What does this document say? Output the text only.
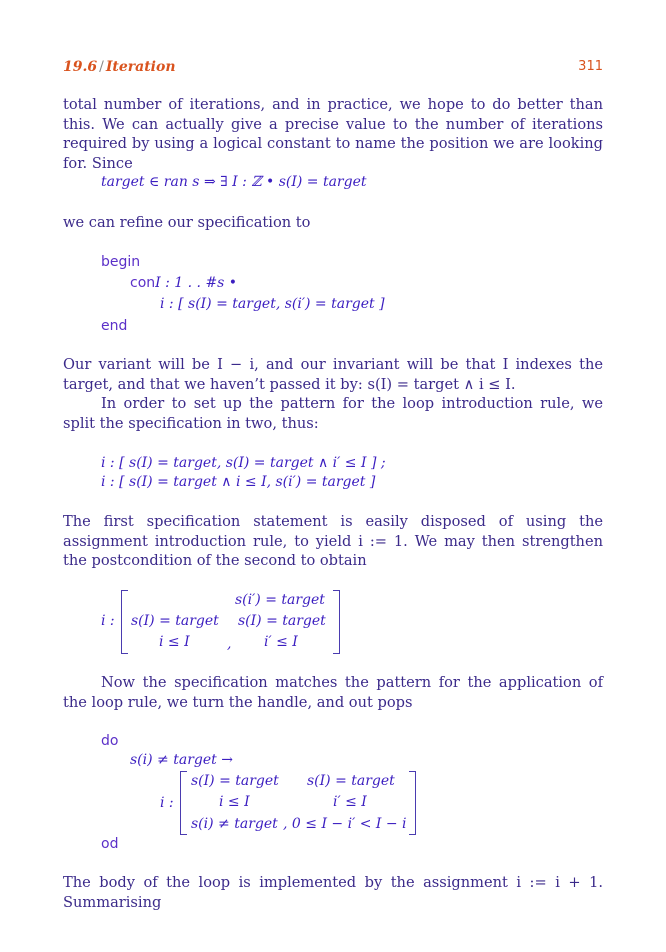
19.6 / Iteration	311

total number of iterations, and in practice, we hope to do better than this. We can actually give a precise value to the number of iterations required by using a logical constant to name the position we are looking for. Since

target ∈ ran s ⇒ ∃ I : ℤ • s(I) = target

we can refine our specification to

begin
conI : 1 . . #s •
i : [ s(I) = target, s(i′) = target ]
end

Our variant will be I − i, and our invariant will be that I indexes the target, and that we haven’t passed it by: s(I) = target ∧ i ≤ I.

In order to set up the pattern for the loop introduction rule, we split the specification in two, thus:

i : [ s(I) = target, s(I) = target ∧ i′ ≤ I ] ;
i : [ s(I) = target ∧ i ≤ I, s(i′) = target ]

The first specification statement is easily disposed of using the assignment introduction rule, to yield i := 1. We may then strengthen the postcondition of the second to obtain

i :
s(i′) = target
s(I) = target s(I) = target
i ≤ I	, i′ ≤ I

Now the specification matches the pattern for the application of the loop rule, we turn the handle, and out pops

do
s(i) ≠ target →
i :
s(I) = target s(I) = target
i ≤ I	i′ ≤ I
s(i) ≠ target , 0 ≤ I − i′ < I − i
od

The body of the loop is implemented by the assignment i := i + 1. Summarising
